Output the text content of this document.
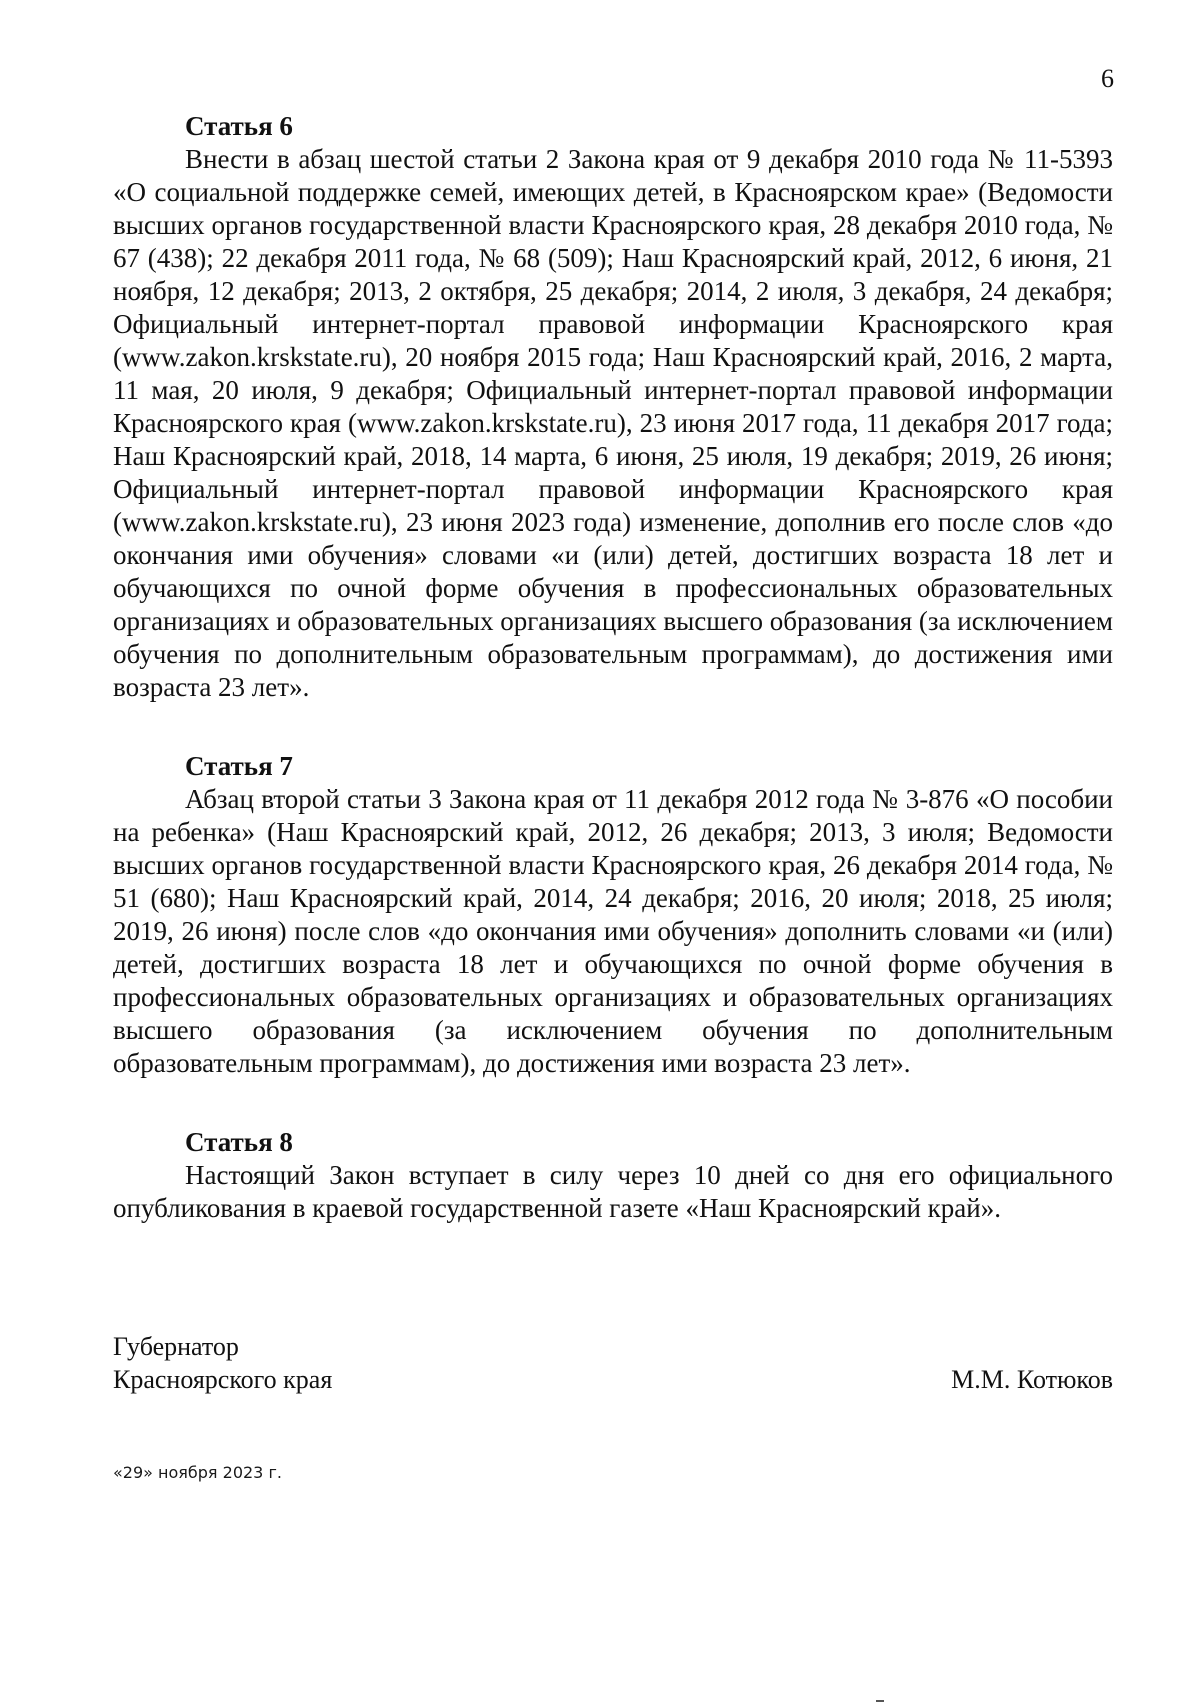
6

Статья 6

Внести в абзац шестой статьи 2 Закона края от 9 декабря 2010 года № 11-5393 «О социальной поддержке семей, имеющих детей, в Красноярском крае» (Ведомости высших органов государственной власти Красноярского края, 28 декабря 2010 года, № 67 (438); 22 декабря 2011 года, № 68 (509); Наш Красноярский край, 2012, 6 июня, 21 ноября, 12 декабря; 2013, 2 октября, 25 декабря; 2014, 2 июля, 3 декабря, 24 декабря; Официальный интернет-портал правовой информации Красноярского края (www.zakon.krskstate.ru), 20 ноября 2015 года; Наш Красноярский край, 2016, 2 марта, 11 мая, 20 июля, 9 декабря; Официальный интернет-портал правовой информации Красноярского края (www.zakon.krskstate.ru), 23 июня 2017 года, 11 декабря 2017 года; Наш Красноярский край, 2018, 14 марта, 6 июня, 25 июля, 19 декабря; 2019, 26 июня; Официальный интернет-портал правовой информации Красноярского края (www.zakon.krskstate.ru), 23 июня 2023 года) изменение, дополнив его после слов «до окончания ими обучения» словами «и (или) детей, достигших возраста 18 лет и обучающихся по очной форме обучения в профессиональных образовательных организациях и образовательных организациях высшего образования (за исключением обучения по дополнительным образовательным программам), до достижения ими возраста 23 лет».

Статья 7

Абзац второй статьи 3 Закона края от 11 декабря 2012 года № 3-876 «О пособии на ребенка» (Наш Красноярский край, 2012, 26 декабря; 2013, 3 июля; Ведомости высших органов государственной власти Красноярского края, 26 декабря 2014 года, № 51 (680); Наш Красноярский край, 2014, 24 декабря; 2016, 20 июля; 2018, 25 июля; 2019, 26 июня) после слов «до окончания ими обучения» дополнить словами «и (или) детей, достигших возраста 18 лет и обучающихся по очной форме обучения в профессиональных образовательных организациях и образовательных организациях высшего образования (за исключением обучения по дополнительным образовательным программам), до достижения ими возраста 23 лет».

Статья 8

Настоящий Закон вступает в силу через 10 дней со дня его официального опубликования в краевой государственной газете «Наш Красноярский край».

Губернатор
Красноярского края	М.М. Котюков
«29» ноября 2023 г.
